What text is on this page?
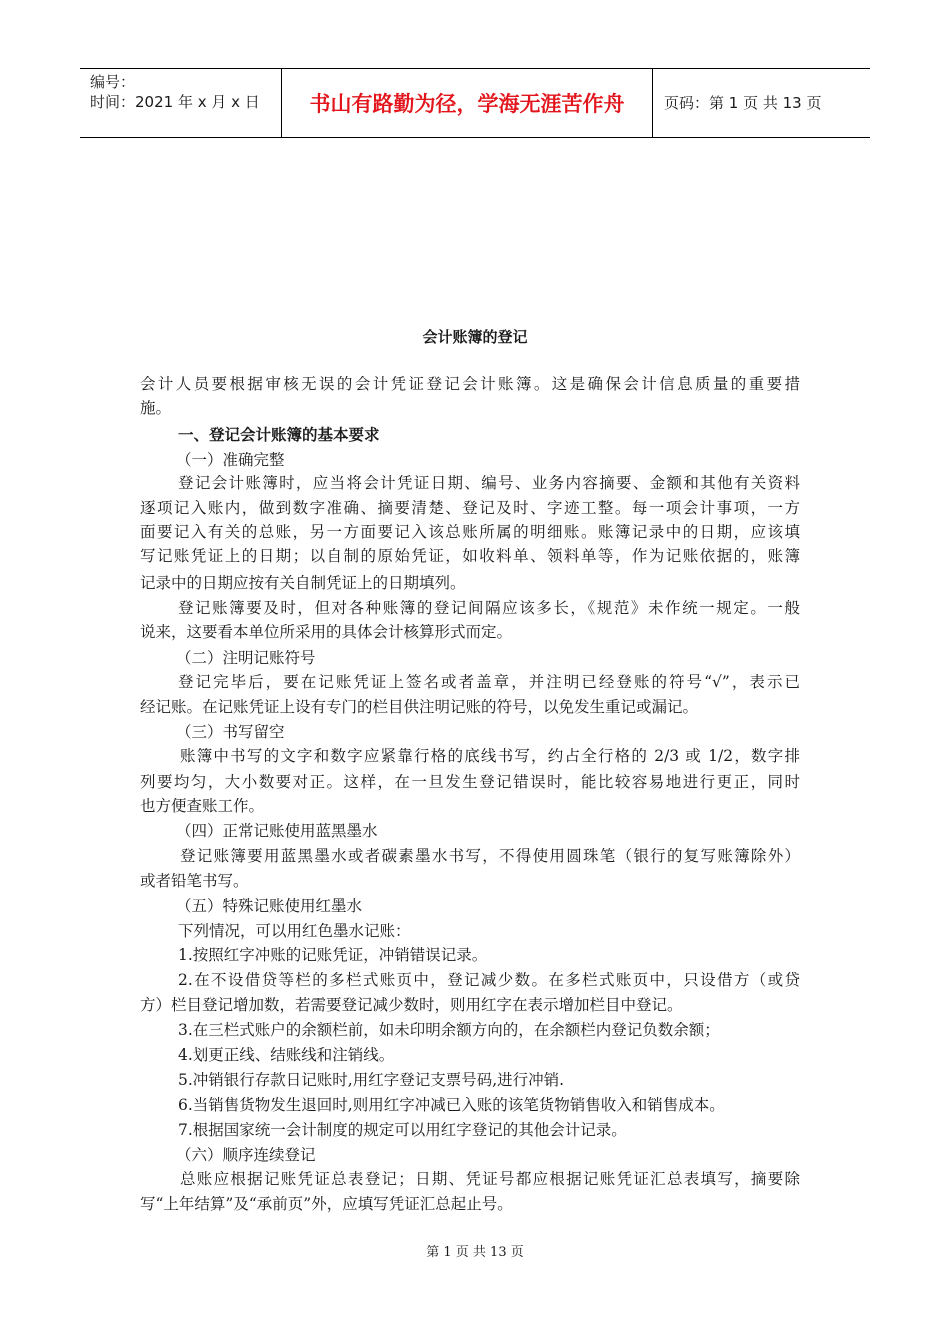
编号：
时间：2021 年 x 月 x 日	书山有路勤为径，学海无涯苦作舟	页码：第 1 页 共 13 页
会计账簿的登记
会计人员要根据审核无误的会计凭证登记会计账簿。这是确保会计信息质量的重要措
施。
一、登记会计账簿的基本要求
（一）准确完整
登记会计账簿时，应当将会计凭证日期、编号、业务内容摘要、金额和其他有关资料
逐项记入账内，做到数字准确、摘要清楚、登记及时、字迹工整。每一项会计事项，一方
面要记入有关的总账，另一方面要记入该总账所属的明细账。账簿记录中的日期，应该填
写记账凭证上的日期；以自制的原始凭证，如收料单、领料单等，作为记账依据的，账簿
记录中的日期应按有关自制凭证上的日期填列。
登记账簿要及时，但对各种账簿的登记间隔应该多长，《规范》未作统一规定。一般
说来，这要看本单位所采用的具体会计核算形式而定。
（二）注明记账符号
登记完毕后，要在记账凭证上签名或者盖章，并注明已经登账的符号“√”，表示已
经记账。在记账凭证上设有专门的栏目供注明记账的符号，以免发生重记或漏记。
（三）书写留空
账簿中书写的文字和数字应紧靠行格的底线书写，约占全行格的 2/3 或 1/2，数字排
列要均匀，大小数要对正。这样，在一旦发生登记错误时，能比较容易地进行更正，同时
也方便查账工作。
（四）正常记账使用蓝黑墨水
登记账簿要用蓝黑墨水或者碳素墨水书写，不得使用圆珠笔（银行的复写账簿除外）
或者铅笔书写。
（五）特殊记账使用红墨水
下列情况，可以用红色墨水记账：
1.按照红字冲账的记账凭证，冲销错误记录。
2.在不设借贷等栏的多栏式账页中，登记减少数。在多栏式账页中，只设借方（或贷
方）栏目登记增加数，若需要登记减少数时，则用红字在表示增加栏目中登记。
3.在三栏式账户的余额栏前，如未印明余额方向的，在余额栏内登记负数余额；
4.划更正线、结账线和注销线。
5.冲销银行存款日记账时,用红字登记支票号码,进行冲销.
6.当销售货物发生退回时,则用红字冲减已入账的该笔货物销售收入和销售成本。
7.根据国家统一会计制度的规定可以用红字登记的其他会计记录。
（六）顺序连续登记
总账应根据记账凭证总表登记；日期、凭证号都应根据记账凭证汇总表填写，摘要除
写“上年结算”及“承前页”外，应填写凭证汇总起止号。
第 1 页 共 13 页
